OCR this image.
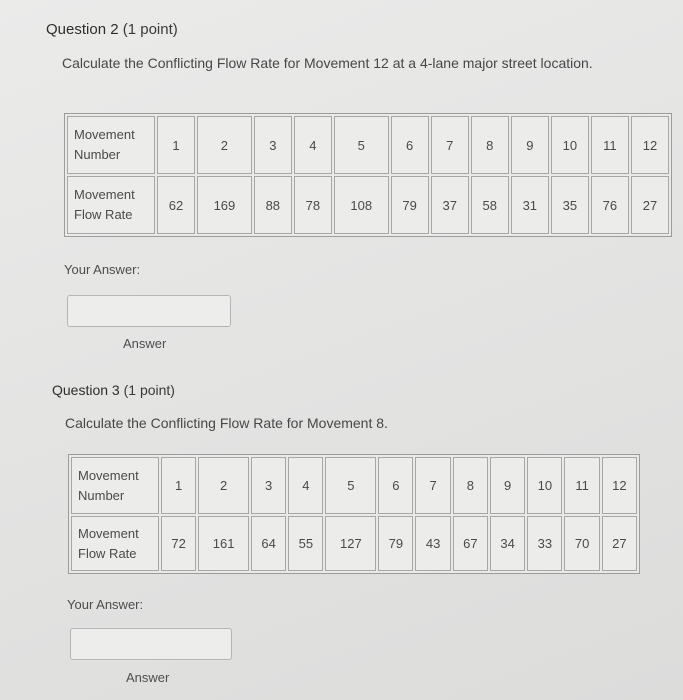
Question 2 (1 point)
Calculate the Conflicting Flow Rate for Movement 12 at a 4-lane major street location.
Movement
Number	1	2	3	4	5	6	7	8	9	10	11	12

Movement
Flow Rate	62	169	88	78	108	79	37	58	31	35	76	27
Your Answer:
Answer
Question 3 (1 point)
Calculate the Conflicting Flow Rate for Movement 8.
Movement
Number	1	2	3	4	5	6	7	8	9	10	11	12

Movement
Flow Rate	72	161	64	55	127	79	43	67	34	33	70	27
Your Answer:
Answer
